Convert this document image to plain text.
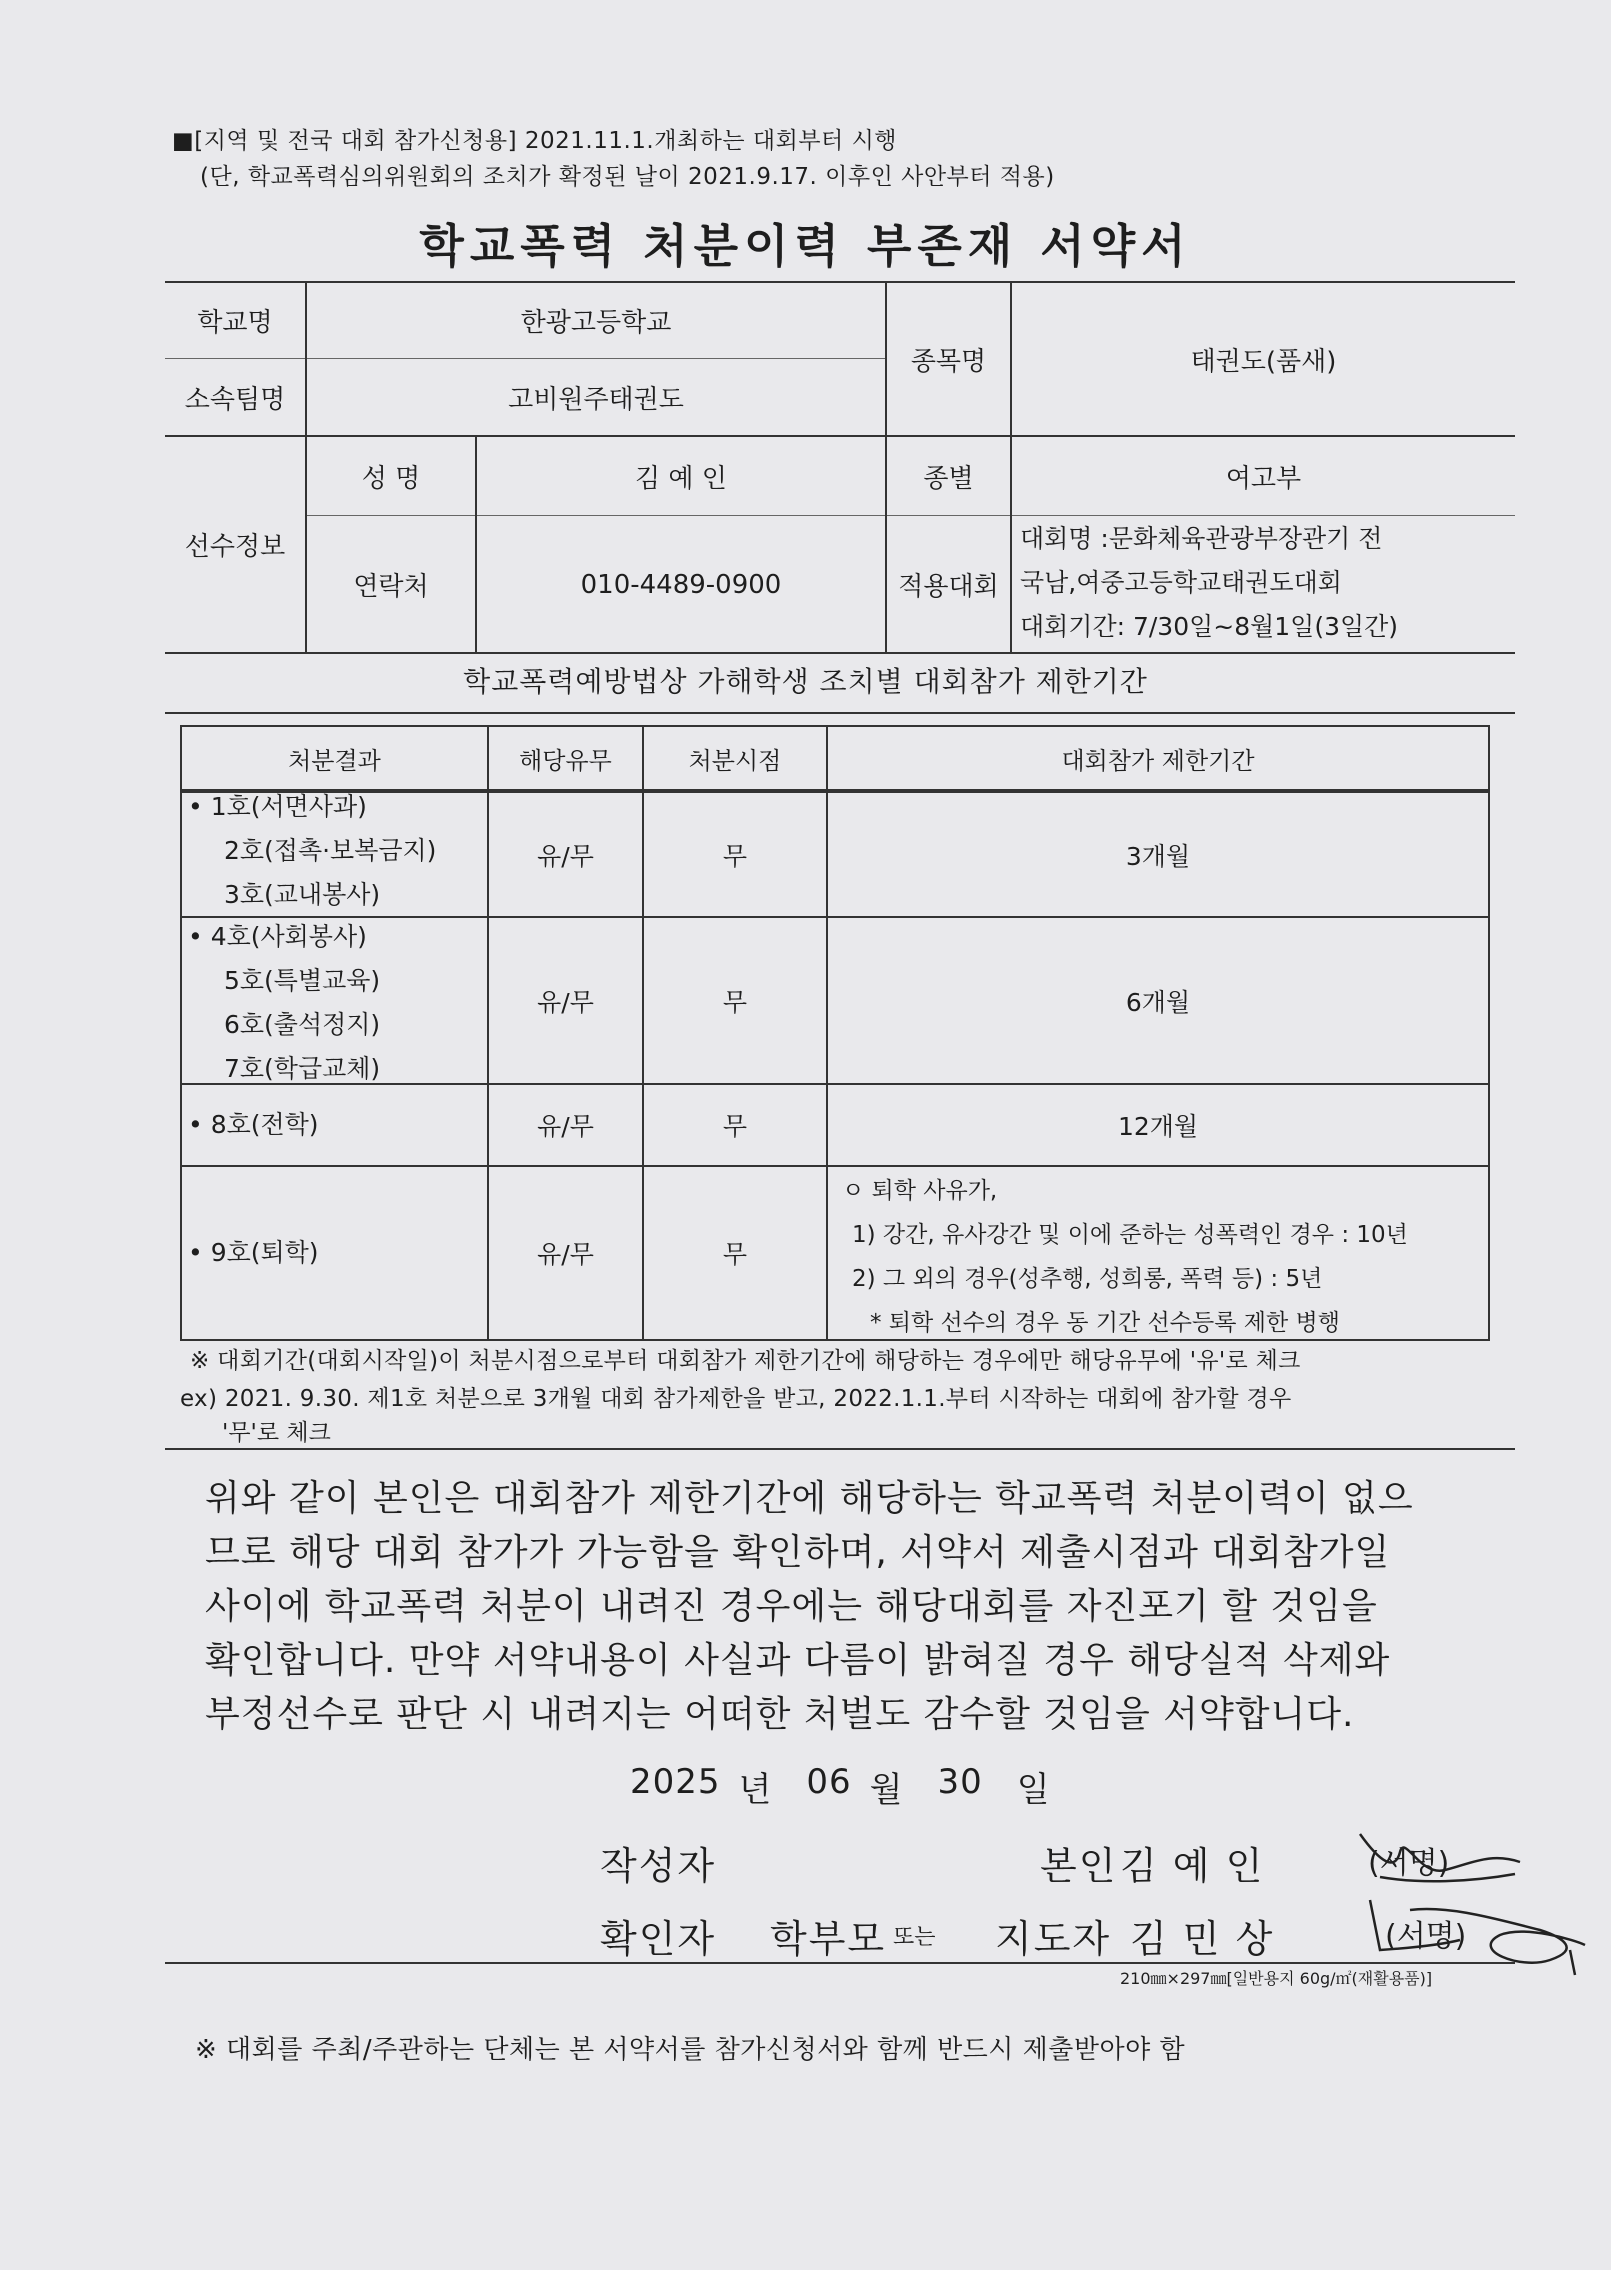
■[지역 및 전국 대회 참가신청용] 2021.11.1.개최하는 대회부터 시행
(단, 학교폭력심의위원회의 조치가 확정된 날이 2021.9.17. 이후인 사안부터 적용)
학교폭력 처분이력 부존재 서약서
학교명	한광고등학교
소속팀명	고비원주태권도
종목명	태권도(품새)
선수정보
성 명	김 예 인	종별	여고부
연락처	010-4489-0900	적용대회
대회명 :문화체육관광부장관기 전
국남,여중고등학교태권도대회
대회기간: 7/30일~8월1일(3일간)
학교폭력예방법상 가해학생 조치별 대회참가 제한기간
처분결과	해당유무	처분시점	대회참가 제한기간
• 1호(서면사과)
2호(접촉·보복금지)
3호(교내봉사)
유/무	무	3개월
• 4호(사회봉사)
5호(특별교육)
6호(출석정지)
7호(학급교체)
유/무	무	6개월
• 8호(전학)	유/무	무	12개월
• 9호(퇴학)	유/무	무
ㅇ 퇴학 사유가,
1) 강간, 유사강간 및 이에 준하는 성폭력인 경우 : 10년
2) 그 외의 경우(성추행, 성희롱, 폭력 등) : 5년
* 퇴학 선수의 경우 동 기간 선수등록 제한 병행
※ 대회기간(대회시작일)이 처분시점으로부터 대회참가 제한기간에 해당하는 경우에만 해당유무에 '유'로 체크
ex) 2021. 9.30. 제1호 처분으로 3개월 대회 참가제한을 받고, 2022.1.1.부터 시작하는 대회에 참가할 경우
'무'로 체크
위와 같이 본인은 대회참가 제한기간에 해당하는 학교폭력 처분이력이 없으
므로 해당 대회 참가가 가능함을 확인하며, 서약서 제출시점과 대회참가일
사이에 학교폭력 처분이 내려진 경우에는 해당대회를 자진포기 할 것임을
확인합니다. 만약 서약내용이 사실과 다름이 밝혀질 경우 해당실적 삭제와
부정선수로 판단 시 내려지는 어떠한 처벌도 감수할 것임을 서약합니다.
2025 년 06 월 30 일
작성자	본인 김 예 인	(서명)
확인자 학부모 또는 지도자 김 민 상	(서명)
210㎜×297㎜[일반용지 60g/㎡(재활용품)]
※ 대회를 주최/주관하는 단체는 본 서약서를 참가신청서와 함께 반드시 제출받아야 함
